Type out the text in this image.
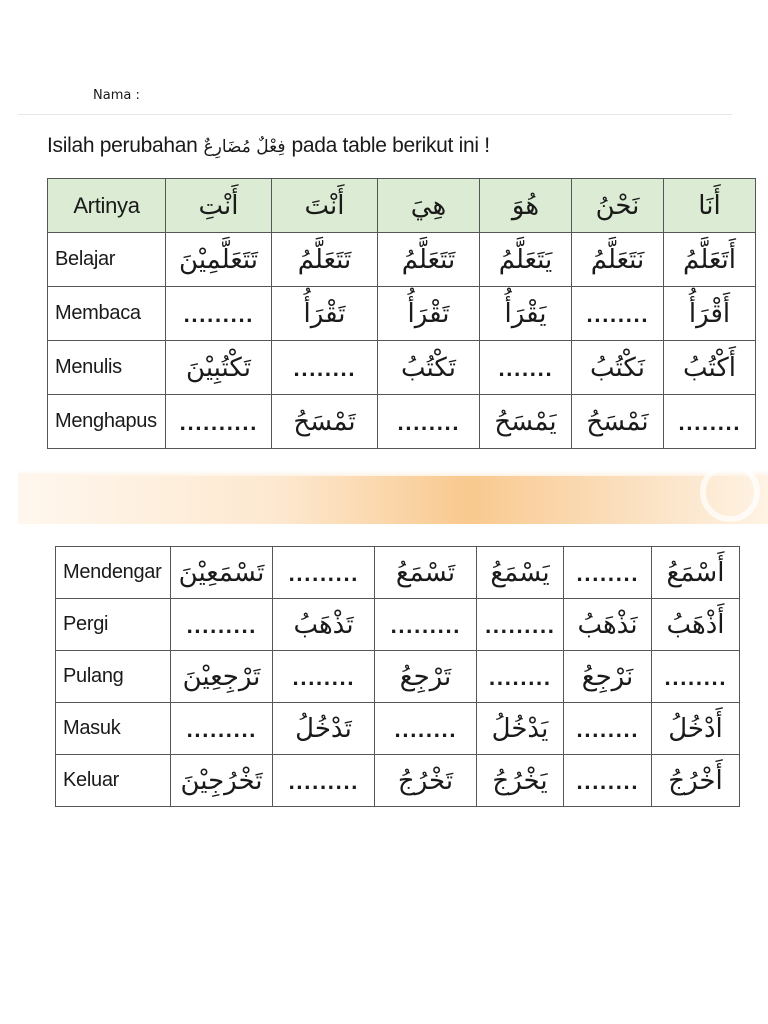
Nama :
Isilah perubahan فِعْلٌ مُضَارِعٌ pada table berikut ini !
Artinya	أَنْتِ	أَنْتَ	هِيَ	هُوَ	نَحْنُ	أَنَا
Belajar	تَتَعَلَّمِيْنَ	تَتَعَلَّمُ	تَتَعَلَّمُ	يَتَعَلَّمُ	نَتَعَلَّمُ	أَتَعَلَّمُ
Membaca	.........	تَقْرَأُ	تَقْرَأُ	يَقْرَأُ	........	أَقْرَأُ
Menulis	تَكْتُبِيْنَ	........	تَكْتُبُ	.......	نَكْتُبُ	أَكْتُبُ
Menghapus	..........	تَمْسَحُ	........	يَمْسَحُ	نَمْسَحُ	........
Mendengar	تَسْمَعِيْنَ	.........	تَسْمَعُ	يَسْمَعُ	........	أَسْمَعُ
Pergi	.........	تَذْهَبُ	.........	.........	نَذْهَبُ	أَذْهَبُ
Pulang	تَرْجِعِيْنَ	........	تَرْجِعُ	........	نَرْجِعُ	........
Masuk	.........	تَدْخُلُ	........	يَدْخُلُ	........	أَدْخُلُ
Keluar	تَخْرُجِيْنَ	.........	تَخْرُجُ	يَخْرُجُ	........	أَخْرُجُ
